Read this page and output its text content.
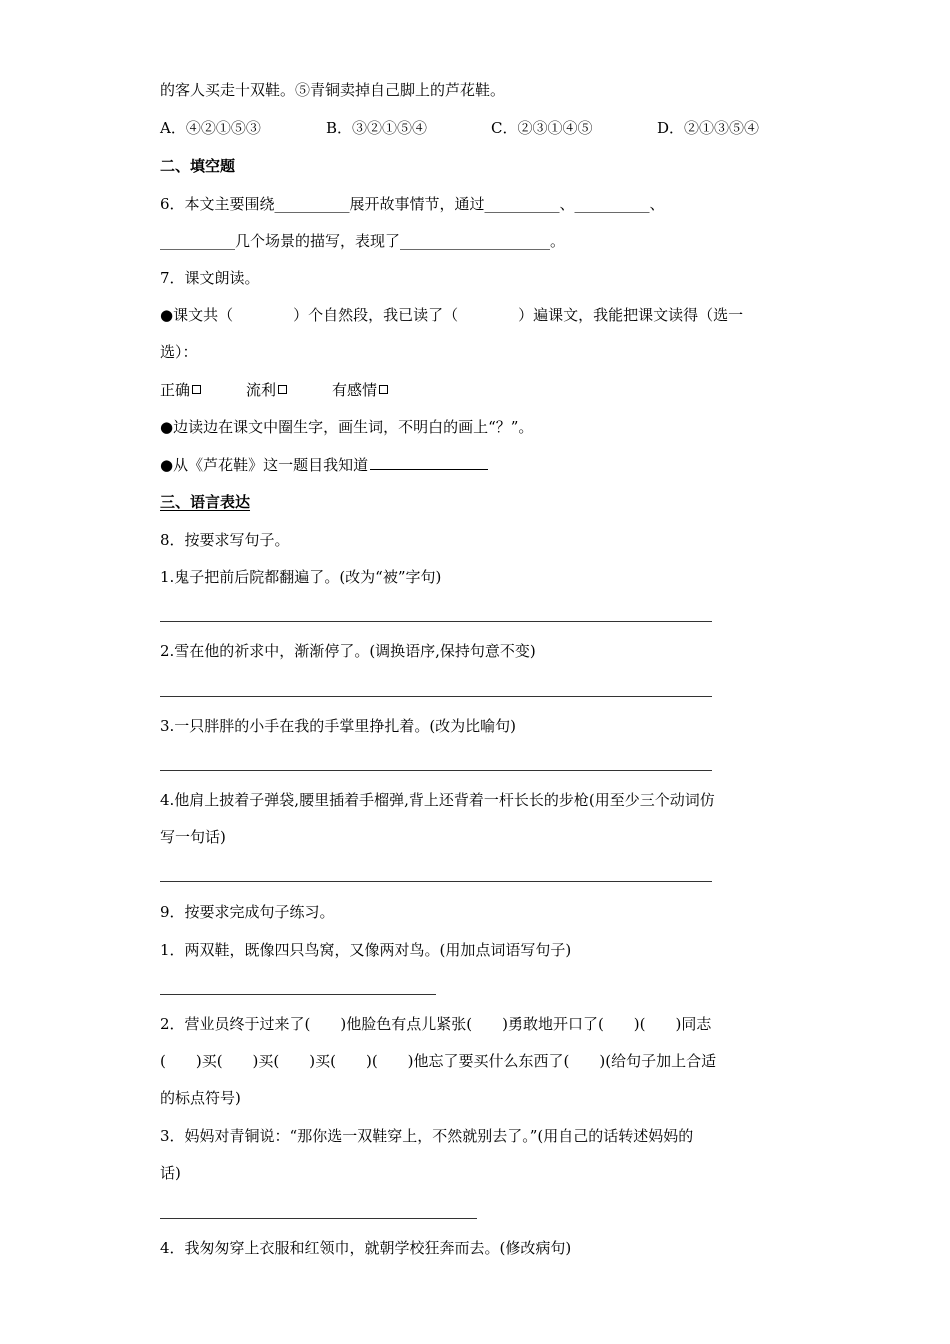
的客人买走十双鞋。⑤青铜卖掉自己脚上的芦花鞋。
A．④②①⑤③	B．③②①⑤④	C．②③①④⑤	D．②①③⑤④
二、填空题
6．本文主要围绕__________展开故事情节，通过__________、__________、
__________几个场景的描写，表现了____________________。
7．课文朗读。
●课文共（　　　　）个自然段，我已读了（　　　　）遍课文，我能把课文读得（选一
选）：
正确	流利	有感情
●边读边在课文中圈生字，画生词，不明白的画上“？”。
●从《芦花鞋》这一题目我知道
三、语言表达
8．按要求写句子。
1.鬼子把前后院都翻遍了。(改为“被”字句)
2.雪在他的祈求中，渐渐停了。(调换语序,保持句意不变)
3.一只胖胖的小手在我的手掌里挣扎着。(改为比喻句)
4.他肩上披着子弹袋,腰里插着手榴弹,背上还背着一杆长长的步枪(用至少三个动词仿
写一句话)
9．按要求完成句子练习。
1．两双鞋，既像四只鸟窝，又像两对鸟。(用加点词语写句子)
2．营业员终于过来了(　　)他脸色有点儿紧张(　　)勇敢地开口了(　　)(　　)同志
(　　)买(　　)买(　　)买(　　)(　　)他忘了要买什么东西了(　　)(给句子加上合适
的标点符号)
3．妈妈对青铜说：“那你选一双鞋穿上，不然就别去了。”(用自己的话转述妈妈的
话)
4．我匆匆穿上衣服和红领巾，就朝学校狂奔而去。(修改病句)
